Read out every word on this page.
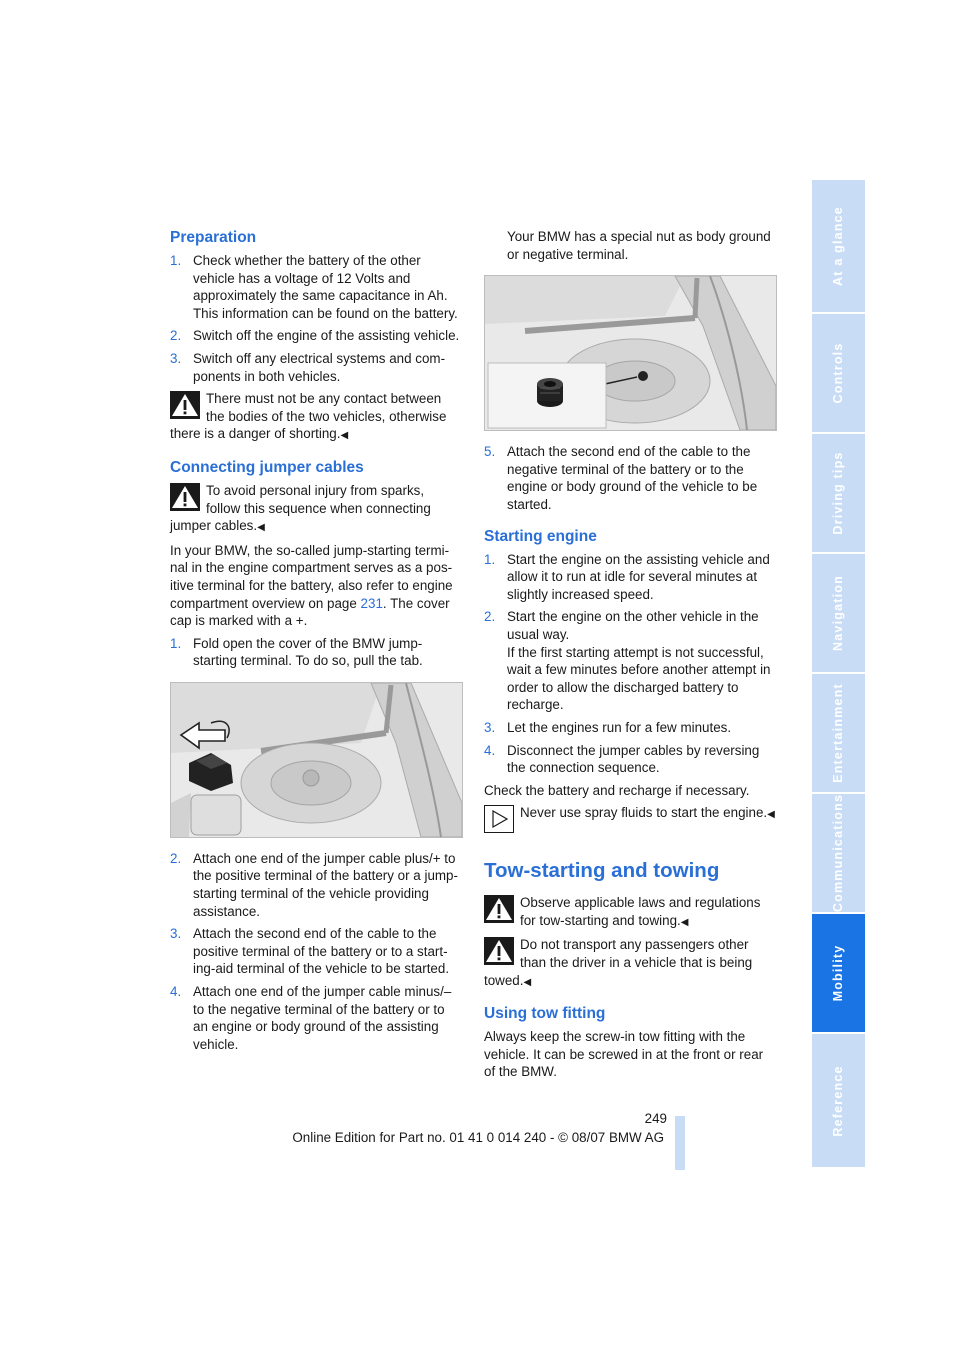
Preparation
1. Check whether the battery of the other vehicle has a voltage of 12 Volts and approximately the same capacitance in Ah. This information can be found on the battery.
2. Switch off the engine of the assisting vehicle.
3. Switch off any electrical systems and components in both vehicles.
There must not be any contact between the bodies of the two vehicles, otherwise there is a danger of shorting.◀
Connecting jumper cables
To avoid personal injury from sparks, follow this sequence when connecting jumper cables.◀

In your BMW, the so-called jump-starting terminal in the engine compartment serves as a positive terminal for the battery, also refer to engine compartment overview on page 231. The cover cap is marked with a +.

1. Fold open the cover of the BMW jump-starting terminal. To do so, pull the tab.
2. Attach one end of the jumper cable plus/+ to the positive terminal of the battery or a jump-starting terminal of the vehicle providing assistance.
3. Attach the second end of the cable to the positive terminal of the battery or to a starting-aid terminal of the vehicle to be started.
4. Attach one end of the jumper cable minus/– to the negative terminal of the battery or to an engine or body ground of the assisting vehicle.

Your BMW has a special nut as body ground or negative terminal.

5. Attach the second end of the cable to the negative terminal of the battery or to the engine or body ground of the vehicle to be started.
Starting engine
1. Start the engine on the assisting vehicle and allow it to run at idle for several minutes at slightly increased speed.
2. Start the engine on the other vehicle in the usual way.
If the first starting attempt is not successful, wait a few minutes before another attempt in order to allow the discharged battery to recharge.
3. Let the engines run for a few minutes.
4. Disconnect the jumper cables by reversing the connection sequence.

Check the battery and recharge if necessary.

Never use spray fluids to start the engine.◀
Tow-starting and towing
Observe applicable laws and regulations for tow-starting and towing.◀
Do not transport any passengers other than the driver in a vehicle that is being towed.◀
Using tow fitting

Always keep the screw-in tow fitting with the vehicle. It can be screwed in at the front or rear of the BMW.

At a glance
Controls
Driving tips
Navigation
Entertainment
Communications
Mobility
Reference
249
Online Edition for Part no. 01 41 0 014 240 - © 08/07 BMW AG
